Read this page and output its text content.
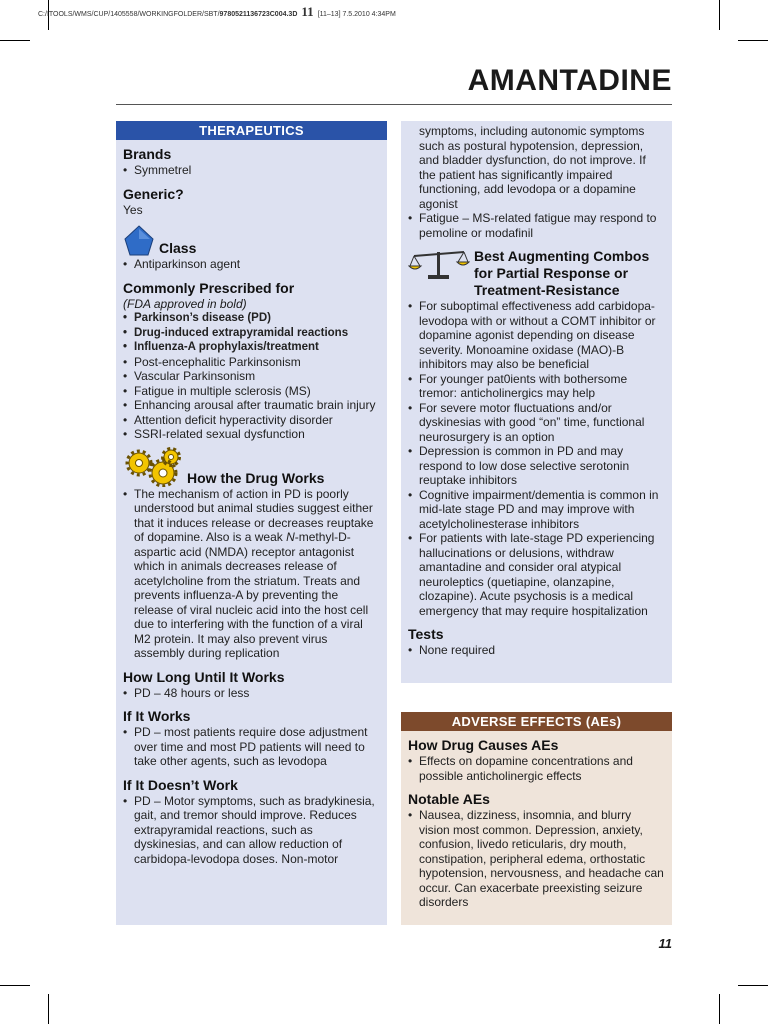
C:/ITOOLS/WMS/CUP/1405558/WORKINGFOLDER/SBT/9780521136723C004.3D 11 [11–13] 7.5.2010 4:34PM
AMANTADINE
THERAPEUTICS
Brands
• Symmetrel
Generic?
Yes
Class
• Antiparkinson agent
Commonly Prescribed for
(FDA approved in bold)
• Parkinson’s disease (PD)
• Drug-induced extrapyramidal reactions
• Influenza-A prophylaxis/treatment
• Post-encephalitic Parkinsonism
• Vascular Parkinsonism
• Fatigue in multiple sclerosis (MS)
• Enhancing arousal after traumatic brain injury
• Attention deficit hyperactivity disorder
• SSRI-related sexual dysfunction
How the Drug Works
• The mechanism of action in PD is poorly understood but animal studies suggest either that it induces release or decreases reuptake of dopamine. Also is a weak N-methyl-D-aspartic acid (NMDA) receptor antagonist which in animals decreases release of acetylcholine from the striatum. Treats and prevents influenza-A by preventing the release of viral nucleic acid into the host cell due to interfering with the function of a viral M2 protein. It may also prevent virus assembly during replication
How Long Until It Works
• PD – 48 hours or less
If It Works
• PD – most patients require dose adjustment over time and most PD patients will need to take other agents, such as levodopa
If It Doesn’t Work
• PD – Motor symptoms, such as bradykinesia, gait, and tremor should improve. Reduces extrapyramidal reactions, such as dyskinesias, and can allow reduction of carbidopa-levodopa doses. Non-motor
symptoms, including autonomic symptoms such as postural hypotension, depression, and bladder dysfunction, do not improve. If the patient has significantly impaired functioning, add levodopa or a dopamine agonist
• Fatigue – MS-related fatigue may respond to pemoline or modafinil
Best Augmenting Combos for Partial Response or Treatment-Resistance
• For suboptimal effectiveness add carbidopa-levodopa with or without a COMT inhibitor or dopamine agonist depending on disease severity. Monoamine oxidase (MAO)-B inhibitors may also be beneficial
• For younger pat0ients with bothersome tremor: anticholinergics may help
• For severe motor fluctuations and/or dyskinesias with good “on” time, functional neurosurgery is an option
• Depression is common in PD and may respond to low dose selective serotonin reuptake inhibitors
• Cognitive impairment/dementia is common in mid-late stage PD and may improve with acetylcholinesterase inhibitors
• For patients with late-stage PD experiencing hallucinations or delusions, withdraw amantadine and consider oral atypical neuroleptics (quetiapine, olanzapine, clozapine). Acute psychosis is a medical emergency that may require hospitalization
Tests
• None required
ADVERSE EFFECTS (AEs)
How Drug Causes AEs
• Effects on dopamine concentrations and possible anticholinergic effects
Notable AEs
• Nausea, dizziness, insomnia, and blurry vision most common. Depression, anxiety, confusion, livedo reticularis, dry mouth, constipation, peripheral edema, orthostatic hypotension, nervousness, and headache can occur. Can exacerbate preexisting seizure disorders
11
